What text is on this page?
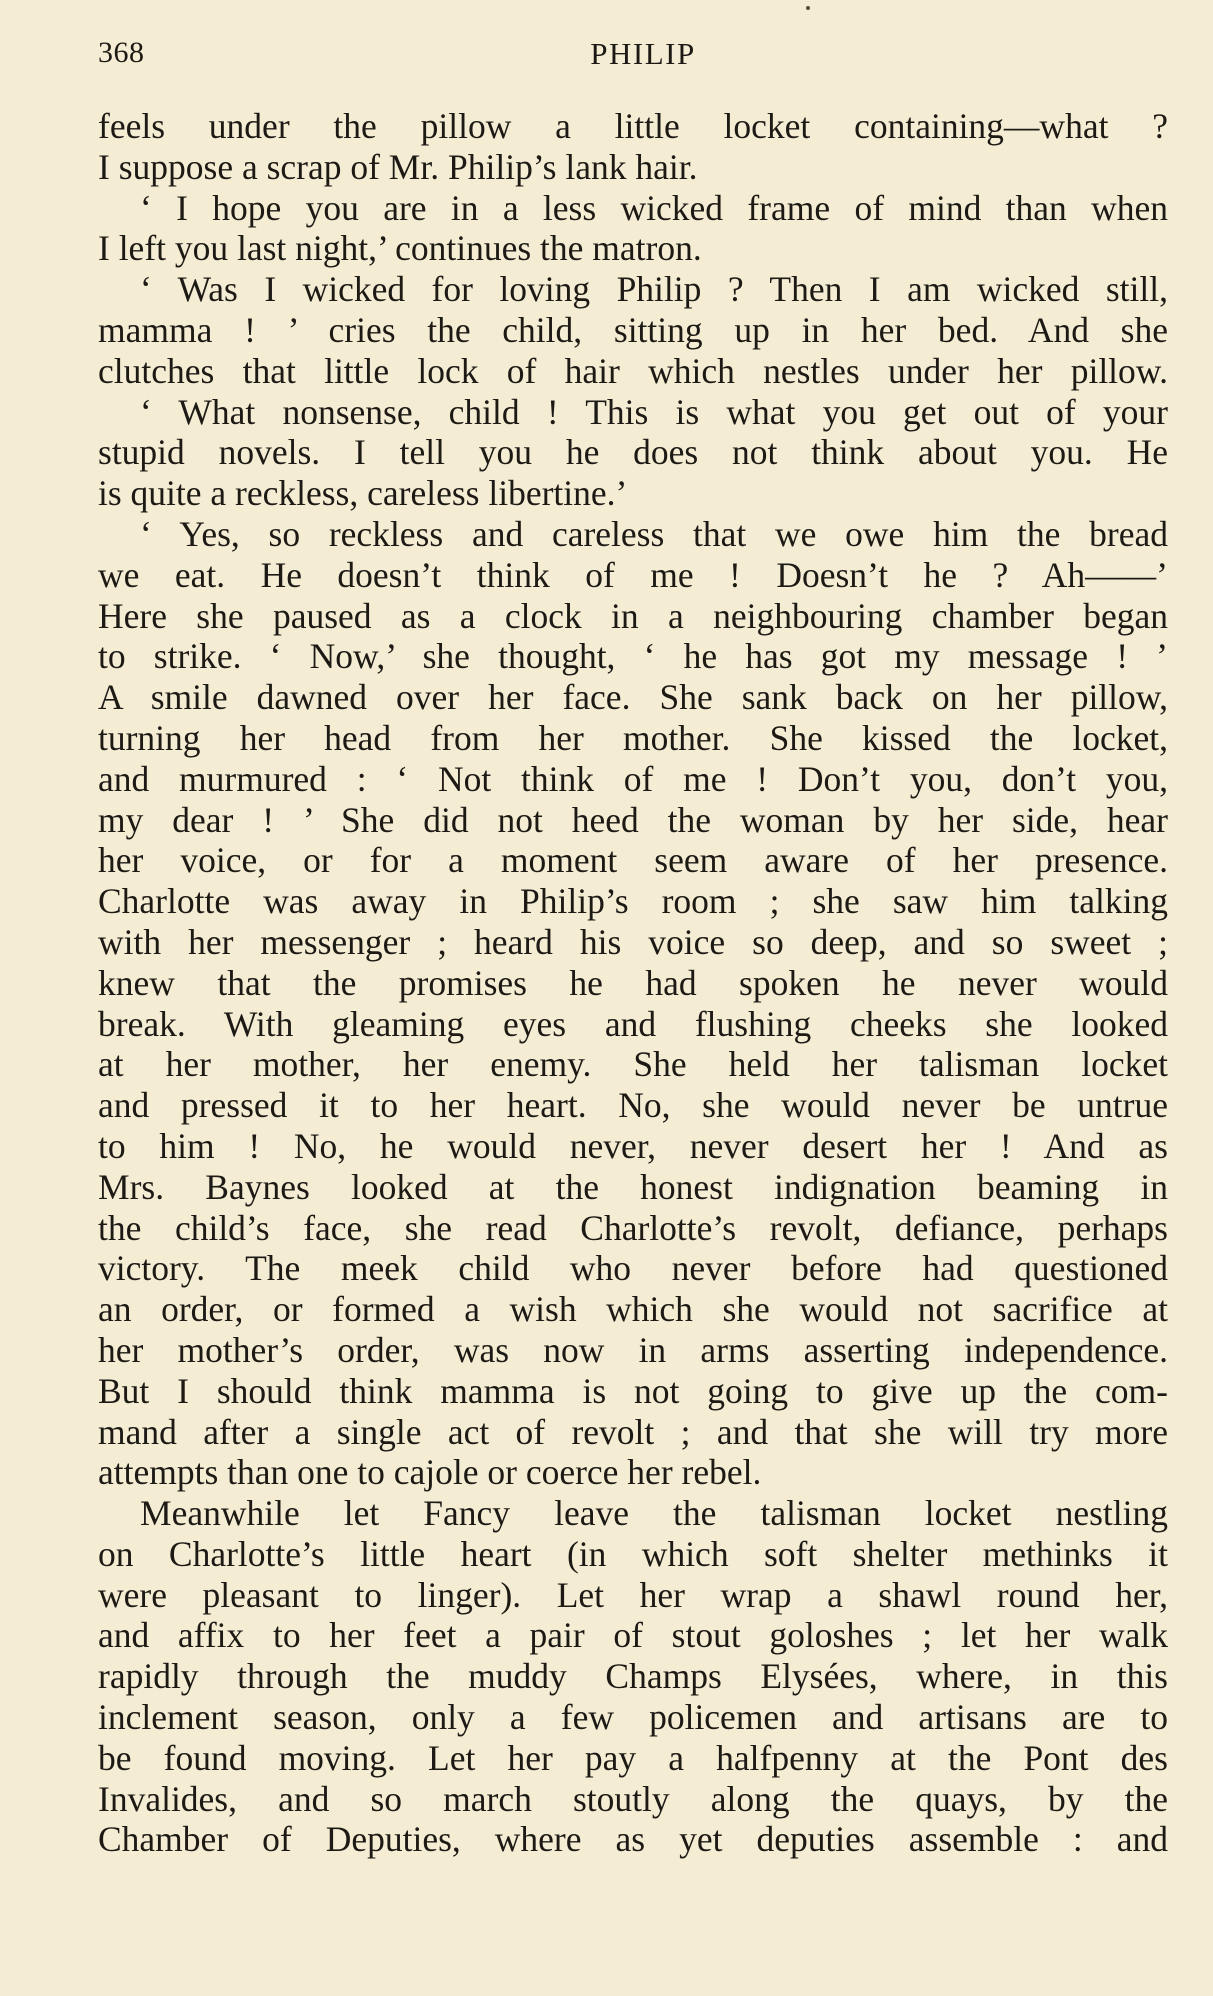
368	PHILIP
feels under the pillow a little locket containing—what ?
I suppose a scrap of Mr. Philip’s lank hair.
‘ I hope you are in a less wicked frame of mind than when
I left you last night,’ continues the matron.
‘ Was I wicked for loving Philip ? Then I am wicked still,
mamma ! ’ cries the child, sitting up in her bed. And she
clutches that little lock of hair which nestles under her pillow.
‘ What nonsense, child ! This is what you get out of your
stupid novels. I tell you he does not think about you. He
is quite a reckless, careless libertine.’
‘ Yes, so reckless and careless that we owe him the bread
we eat. He doesn’t think of me ! Doesn’t he ? Ah——’
Here she paused as a clock in a neighbouring chamber began
to strike. ‘ Now,’ she thought, ‘ he has got my message ! ’
A smile dawned over her face. She sank back on her pillow,
turning her head from her mother. She kissed the locket,
and murmured : ‘ Not think of me ! Don’t you, don’t you,
my dear ! ’ She did not heed the woman by her side, hear
her voice, or for a moment seem aware of her presence.
Charlotte was away in Philip’s room ; she saw him talking
with her messenger ; heard his voice so deep, and so sweet ;
knew that the promises he had spoken he never would
break. With gleaming eyes and flushing cheeks she looked
at her mother, her enemy. She held her talisman locket
and pressed it to her heart. No, she would never be untrue
to him ! No, he would never, never desert her ! And as
Mrs. Baynes looked at the honest indignation beaming in
the child’s face, she read Charlotte’s revolt, defiance, perhaps
victory. The meek child who never before had questioned
an order, or formed a wish which she would not sacrifice at
her mother’s order, was now in arms asserting independence.
But I should think mamma is not going to give up the com-
mand after a single act of revolt ; and that she will try more
attempts than one to cajole or coerce her rebel.
Meanwhile let Fancy leave the talisman locket nestling
on Charlotte’s little heart (in which soft shelter methinks it
were pleasant to linger). Let her wrap a shawl round her,
and affix to her feet a pair of stout goloshes ; let her walk
rapidly through the muddy Champs Elysées, where, in this
inclement season, only a few policemen and artisans are to
be found moving. Let her pay a halfpenny at the Pont des
Invalides, and so march stoutly along the quays, by the
Chamber of Deputies, where as yet deputies assemble : and
